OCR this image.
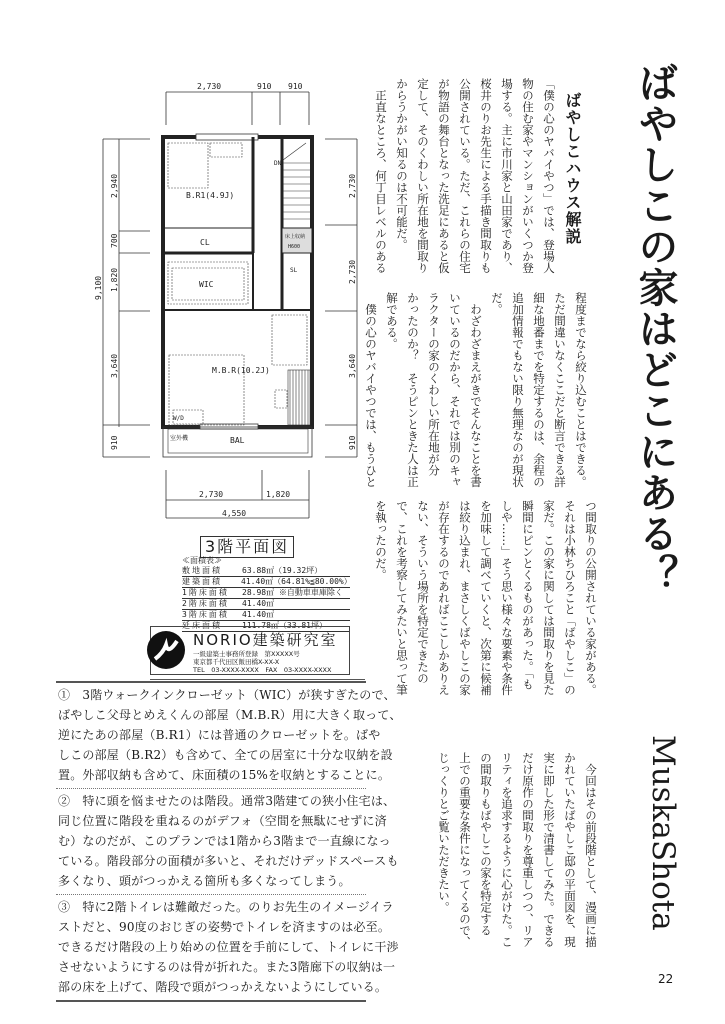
ばやしこの家はどこにある？
MuskaShota
22
ばやしこハウス解説
「僕の心のヤバイやつ」では、登場人
物の住む家やマンションがいくつか登
場する。主に市川家と山田家であり、
桜井のりお先生による手描き間取りも
公開されている。ただ、これらの住宅
が物語の舞台となった洗足にあると仮
定して、そのくわしい所在地を間取り
からうかがい知るのは不可能だ。
　正直なところ、何丁目レベルのある
程度までなら絞り込むことはできる。
ただ間違いなくここだと断言できる詳
細な地番までを特定するのは、余程の
追加情報でもない限り無理なのが現状
だ。
　わざわざまえがきでそんなことを書
いているのだから、それでは別のキャ
ラクターの家のくわしい所在地が分
かったのか？　そうピンときた人は正
解である。
　僕の心のヤバイやつでは、もうひと
つ間取りの公開されている家がある。
それは小林ちひろこと「ばやしこ」の
家だ。この家に関しては間取りを見た
瞬間にピンとくるものがあった。「も
しや……」そう思い様々な要素や条件
を加味して調べていくと、次第に候補
は絞り込まれ、まさしくばやしこの家
が存在するのであればここしかありえ
ない、そういう場所を特定できたの
で、これを考察してみたいと思って筆
を執ったのだ。
　今回はその前段階として、漫画に描
かれていたばやしこ邸の平面図を、現
実に即した形で清書してみた。できる
だけ原作の間取りを尊重しつつ、リア
リティを追求するように心がけた。こ
の間取りもばやしこの家を特定する
上での重要な条件になってくるので、
じっくりとご覧いただきたい。
B.R1(4.9J)
CL
WIC
M.B.R(10.2J)
BAL
DN
SL
室外機
床上収納
H600
W/D
2,730	910 910
2,730	1,820
4,550
9,100
2,940
700
1,820
3,640
910
2,730
2,730
3,640
910
3階平面図
≪面積表≫
敷地面積	63.88㎡（19.32坪）
建築面積	41.40㎡（64.81%≦80.00%）
1階床面積	28.98㎡ ※自動車車庫除く
2階床面積	41.40㎡
3階床面積	41.40㎡
延床面積	111.78㎡（33.81坪）
NORIO建築研究室
一級建築士事務所登録　第XXXXX号
東京都千代田区飯田橋X-XX-X
TEL　03-XXXX-XXXX　FAX　03-XXXX-XXXX
①　3階ウォークインクローゼット（WIC）が狭すぎたので、
ばやしこ父母とめえくんの部屋（M.B.R）用に大きく取って、
逆にたあの部屋（B.R1）には普通のクローゼットを。ばや
しこの部屋（B.R2）も含めて、全ての居室に十分な収納を設
置。外部収納も含めて、床面積の15%を収納とすることに。
②　特に頭を悩ませたのは階段。通常3階建ての狭小住宅は、
同じ位置に階段を重ねるのがデフォ（空間を無駄にせずに済
む）なのだが、このプランでは1階から3階まで一直線になっ
ている。階段部分の面積が多いと、それだけデッドスペースも
多くなり、頭がつっかえる箇所も多くなってしまう。
③　特に2階トイレは難敵だった。のりお先生のイメージイラ
ストだと、90度のおじぎの姿勢でトイレを済ますのは必至。
できるだけ階段の上り始めの位置を手前にして、トイレに干渉
させないようにするのは骨が折れた。また3階廊下の収納は一
部の床を上げて、階段で頭がつっかえないようにしている。
